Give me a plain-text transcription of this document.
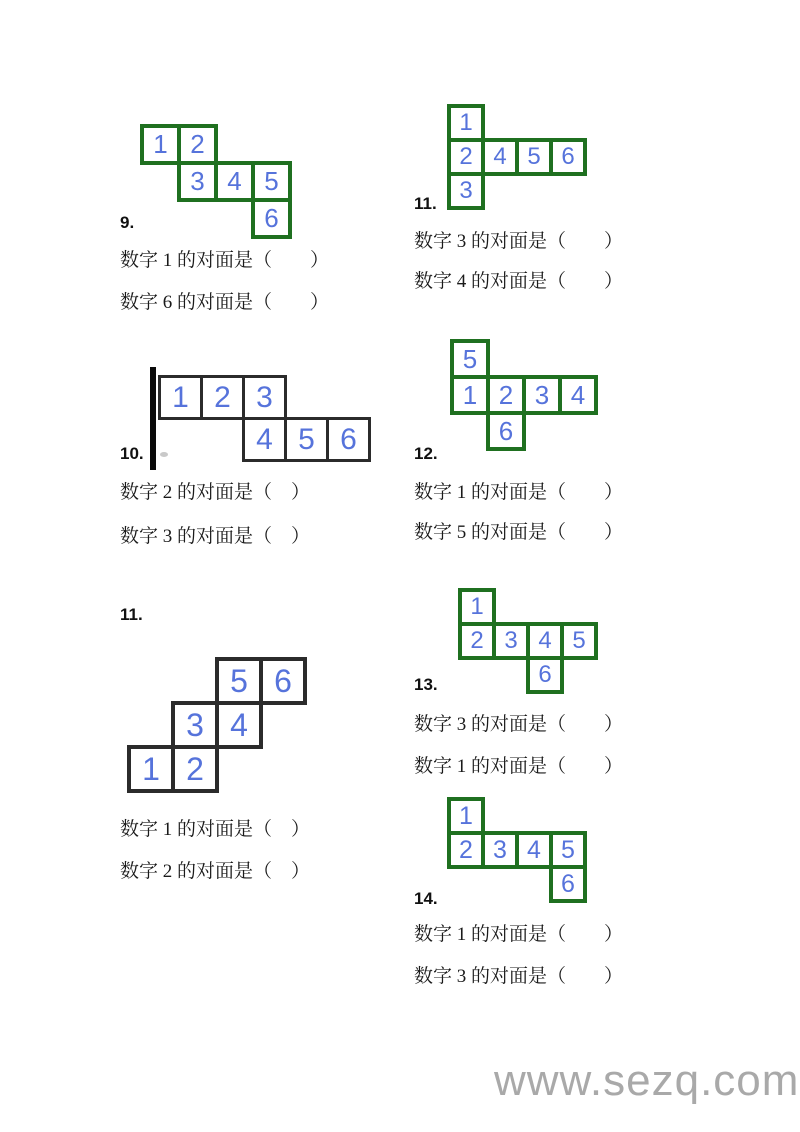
www.sezq.com
9.
1 2
3 4 5
6
数字 1 的对面是（　　）
数字 6 的对面是（　　）
11.
1
2 4 5 6
3
数字 3 的对面是（　　）
数字 4 的对面是（　　）
10.
1 2 3
4 5 6
数字 2 的对面是（　）
数字 3 的对面是（　）
12.
5
1 2 3 4
6
数字 1 的对面是（　　）
数字 5 的对面是（　　）
11.
5 6
3 4
1 2
数字 1 的对面是（　）
数字 2 的对面是（　）
13.
1
2 3 4 5
6
数字 3 的对面是（　　）
数字 1 的对面是（　　）
14.
1
2 3 4 5
6
数字 1 的对面是（　　）
数字 3 的对面是（　　）
